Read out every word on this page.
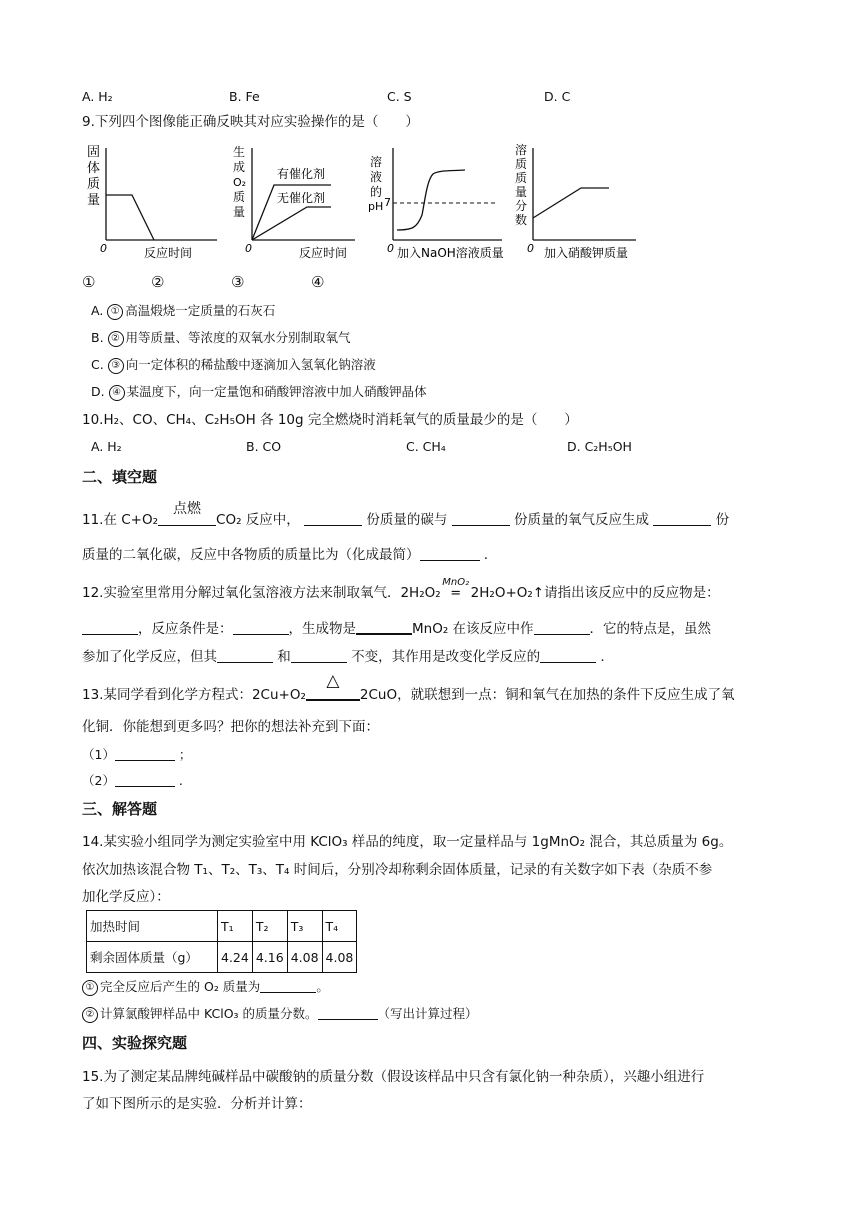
A. H₂	B. Fe	C. S	D. C
9.下列四个图像能正确反映其对应实验操作的是（　　）
固
体
质
量
0	反应时间
生
成
O₂
质
量
有催化剂
无催化剂
0	反应时间
溶
液
的
pH 7
0 加入NaOH溶液质量
溶
质
质
量
分
数
0 加入硝酸钾质量
①	②	③	④
A. ① 高温煅烧一定质量的石灰石
B. ② 用等质量、等浓度的双氧水分别制取氧气
C. ③ 向一定体积的稀盐酸中逐滴加入氢氧化钠溶液
D. ④ 某温度下，向一定量饱和硝酸钾溶液中加人硝酸钾晶体
10.H₂、CO、CH₄、C₂H₅OH 各 10g 完全燃烧时消耗氧气的质量最少的是（　　）
A. H₂	B. CO	C. CH₄	D. C₂H₅OH
二、填空题
11.在 C+O₂
点燃
CO₂ 反应中，	份质量的碳与	份质量的氧气反应生成	份
质量的二氧化碳，反应中各物质的质量比为（化成最简）	.
12.实验室里常用分解过氧化氢溶液方法来制取氧气．2H₂O₂
MnO₂
= 2H₂O+O₂↑请指出该反应中的反应物是：
，反应条件是：	，生成物是	MnO₂ 在该反应中作	．它的特点是，虽然
参加了化学反应，但其	和	不变，其作用是改变化学反应的	.
13.某同学看到化学方程式：2Cu+O₂
△
2CuO，就联想到一点：铜和氧气在加热的条件下反应生成了氧
化铜．你能想到更多吗？把你的想法补充到下面：
（1）	；
（2）	.
三、解答题
14.某实验小组同学为测定实验室中用 KClO₃ 样品的纯度，取一定量样品与 1gMnO₂ 混合，其总质量为 6g。
依次加热该混合物 T₁、T₂、T₃、T₄ 时间后，分别冷却称剩余固体质量，记录的有关数字如下表（杂质不参
加化学反应）：
加热时间	T₁	T₂	T₃	T₄
剩余固体质量（g）	4.24	4.16	4.08	4.08
① 完全反应后产生的 O₂ 质量为	。
② 计算氯酸钾样品中 KClO₃ 的质量分数。	（写出计算过程）
四、实验探究题
15.为了测定某品牌纯碱样品中碳酸钠的质量分数（假设该样品中只含有氯化钠一种杂质），兴趣小组进行
了如下图所示的是实验．分析并计算：
